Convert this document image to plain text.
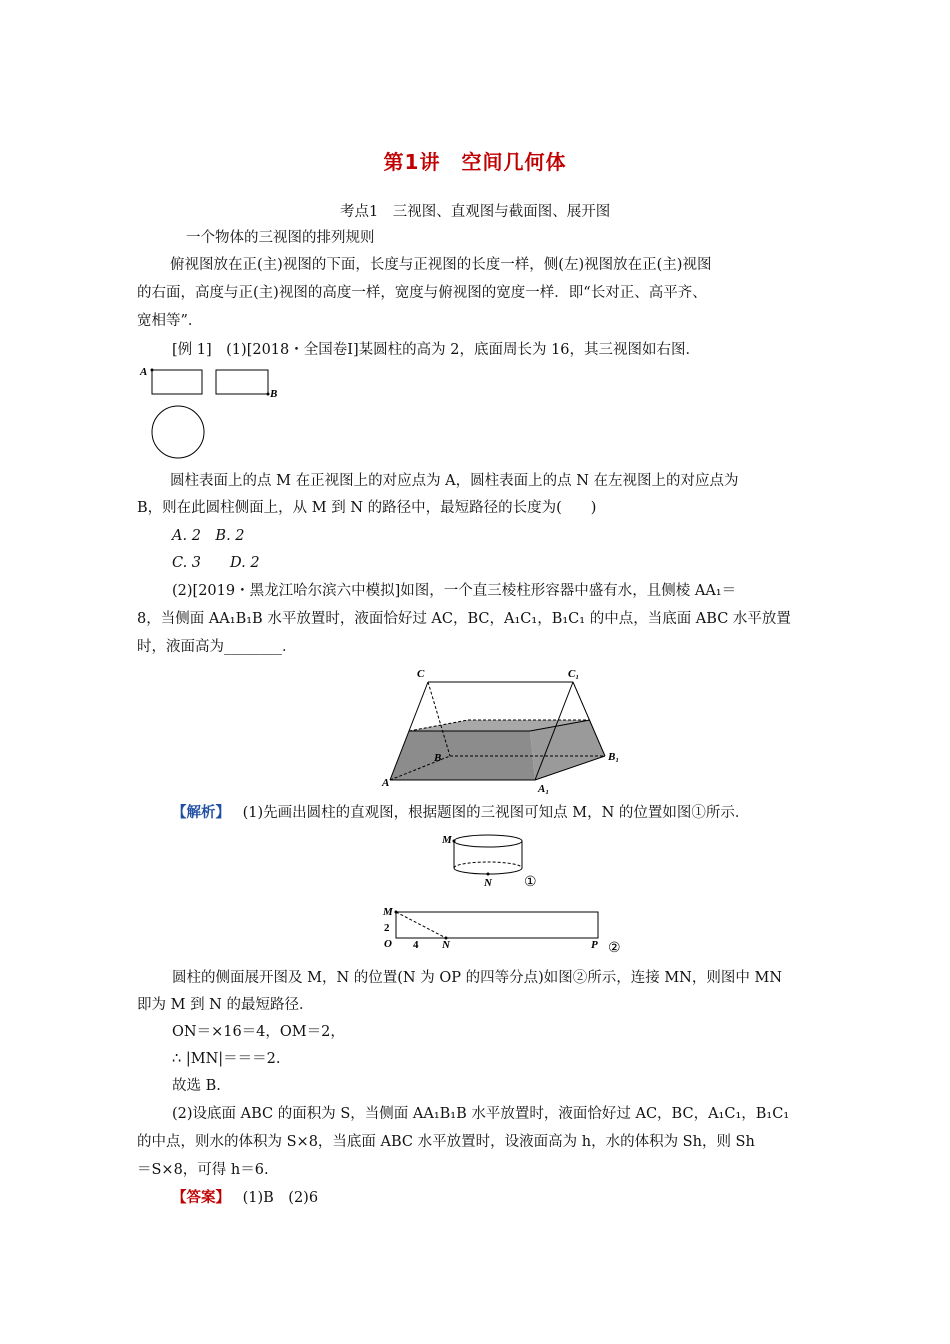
第1讲　空间几何体
考点1　三视图、直观图与截面图、展开图
一个物体的三视图的排列规则
俯视图放在正(主)视图的下面，长度与正视图的长度一样，侧(左)视图放在正(主)视图
的右面，高度与正(主)视图的高度一样，宽度与俯视图的宽度一样．即“长对正、高平齐、
宽相等”．
[例 1]　(1)[2018・全国卷Ⅰ]某圆柱的高为 2，底面周长为 16，其三视图如右图．
A
B
圆柱表面上的点 M 在正视图上的对应点为 A，圆柱表面上的点 N 在左视图上的对应点为
B，则在此圆柱侧面上，从 M 到 N 的路径中，最短路径的长度为(　　)
A. 2　B. 2
C. 3　　D. 2
(2)[2019・黑龙江哈尔滨六中模拟]如图，一个直三棱柱形容器中盛有水，且侧棱 AA₁＝
8，当侧面 AA₁B₁B 水平放置时，液面恰好过 AC，BC，A₁C₁，B₁C₁ 的中点，当底面 ABC 水平放置
时，液面高为________．
C	C₁
B	B₁
A	A₁
【解析】 (1)先画出圆柱的直观图，根据题图的三视图可知点 M，N 的位置如图①所示．
M
N ①
M
2
O 4 N	P ②
圆柱的侧面展开图及 M，N 的位置(N 为 OP 的四等分点)如图②所示，连接 MN，则图中 MN
即为 M 到 N 的最短路径．
ON＝×16＝4，OM＝2，
∴ |MN|＝＝＝2.
故选 B.
(2)设底面 ABC 的面积为 S，当侧面 AA₁B₁B 水平放置时，液面恰好过 AC，BC，A₁C₁，B₁C₁
的中点，则水的体积为 S×8，当底面 ABC 水平放置时，设液面高为 h，水的体积为 Sh，则 Sh
＝S×8，可得 h＝6.
【答案】 (1)B　(2)6
